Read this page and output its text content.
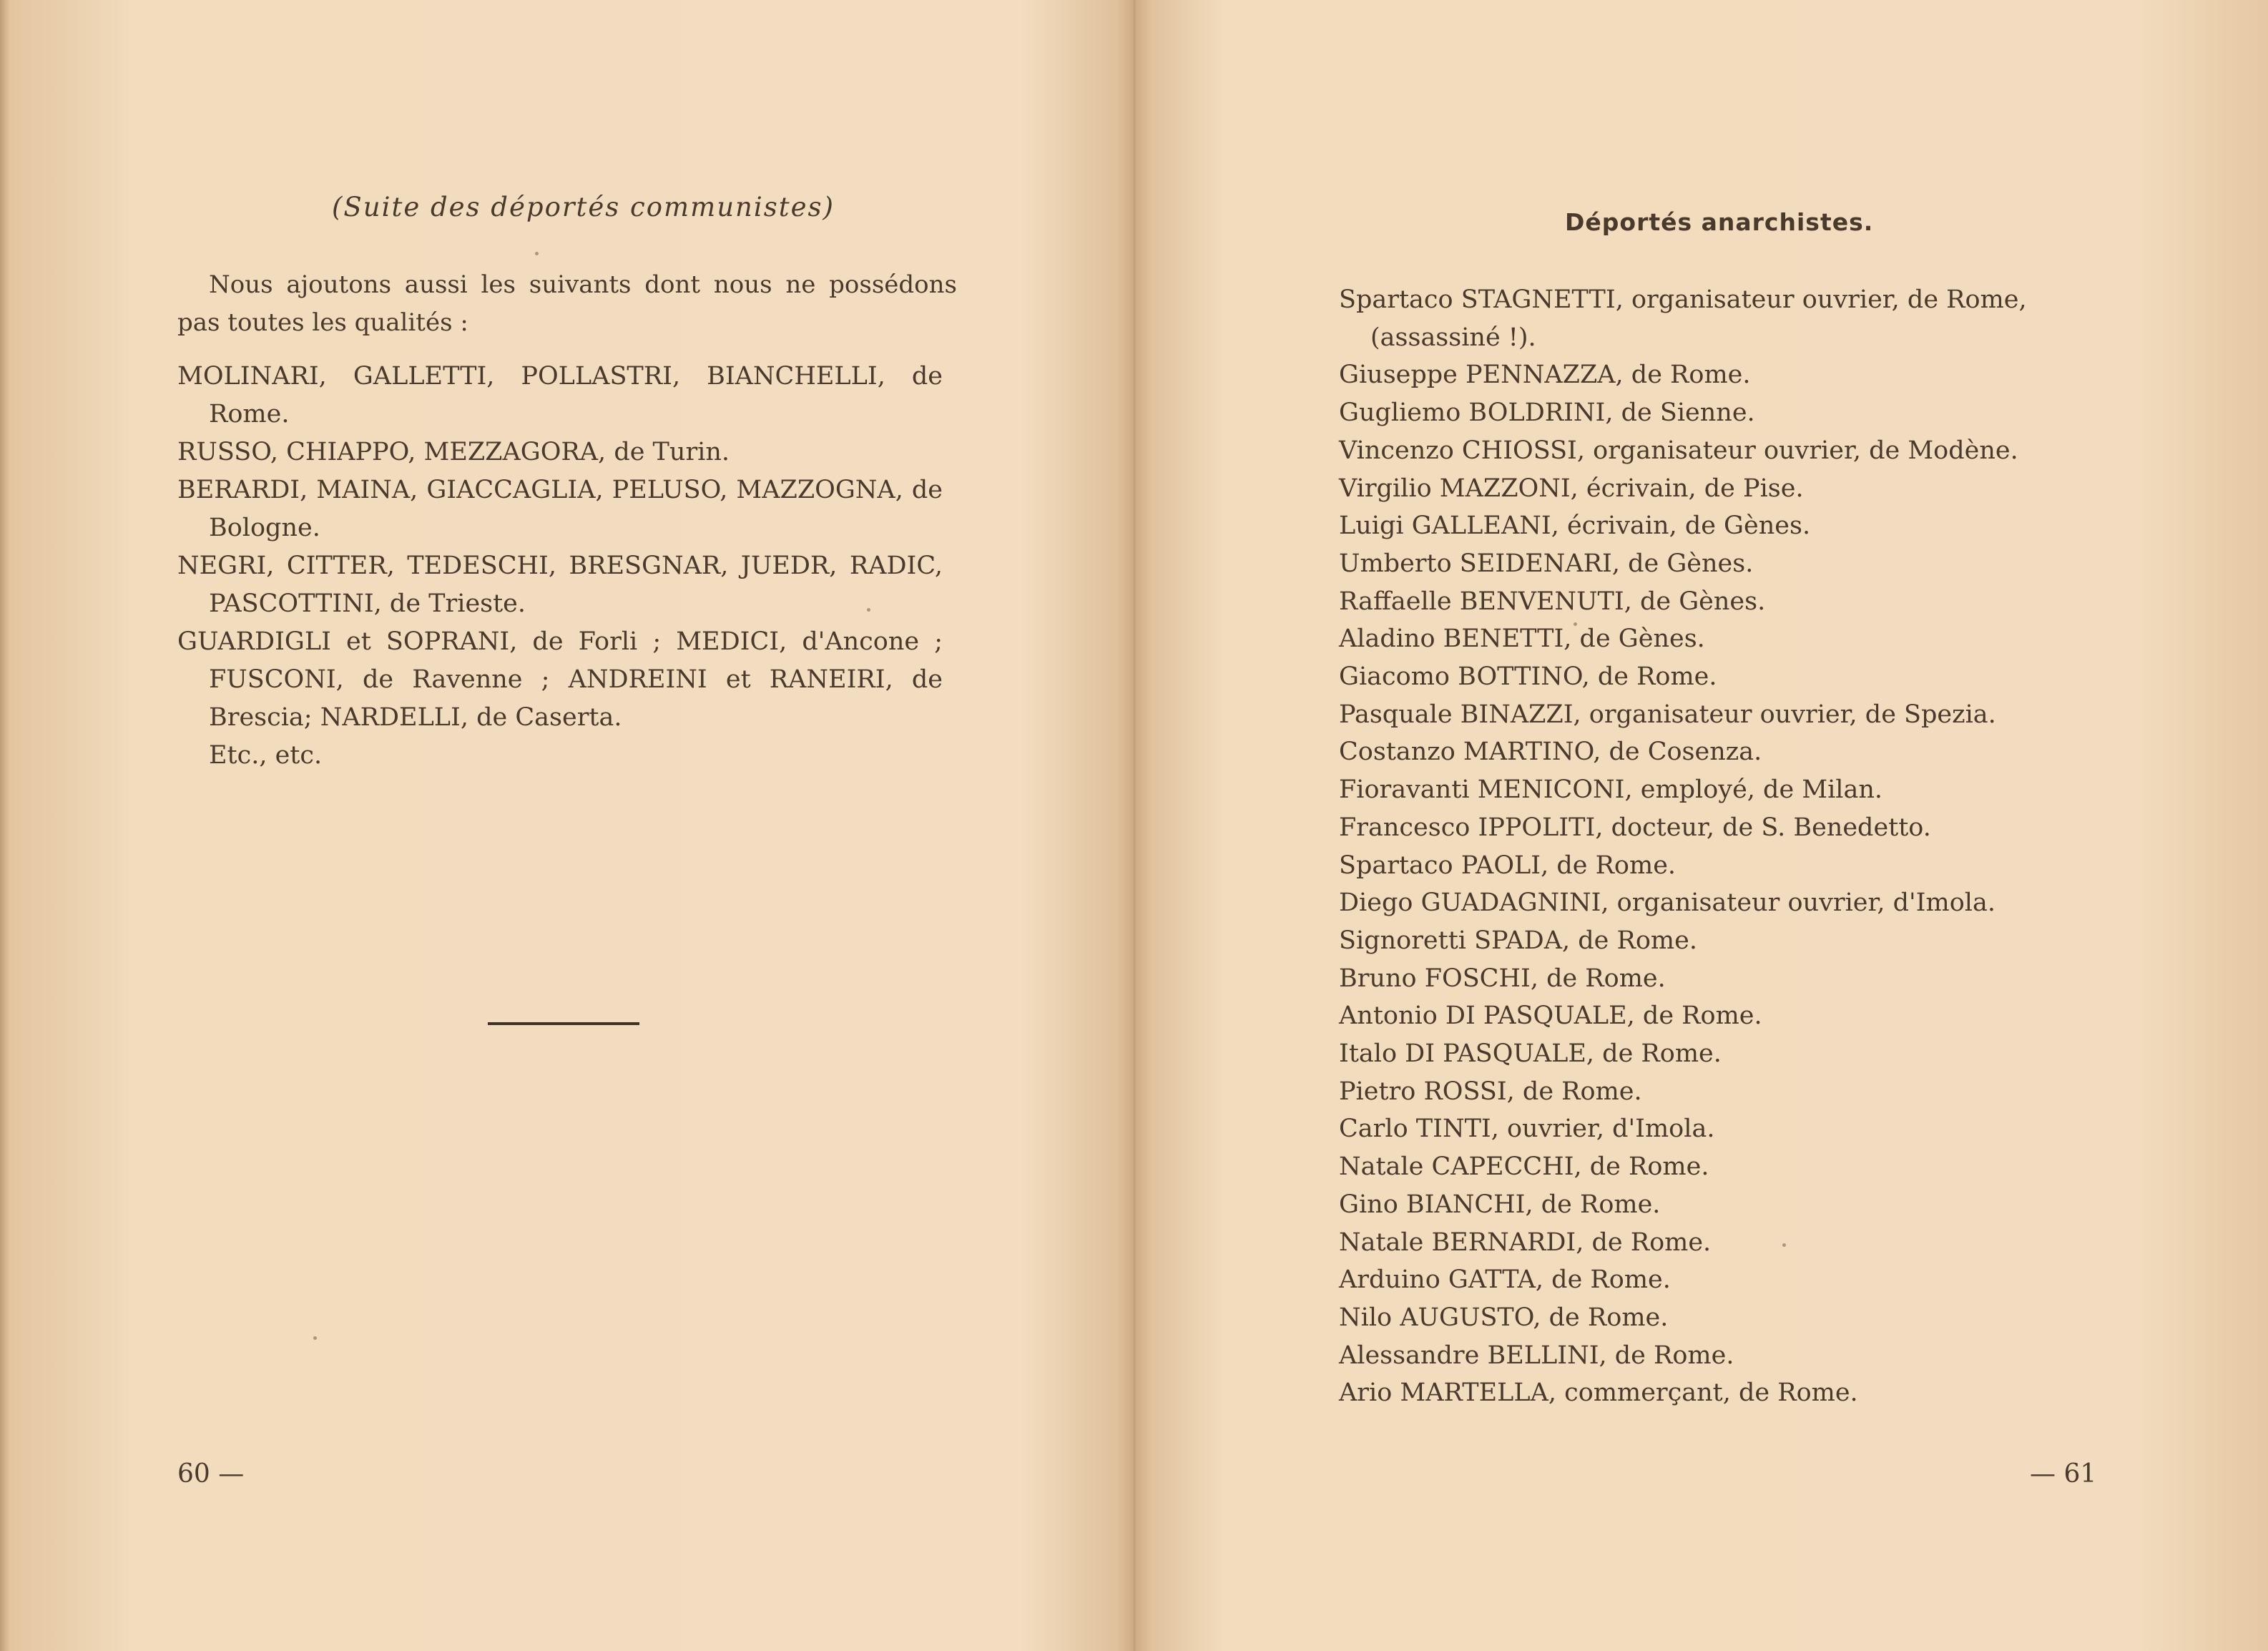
(Suite des déportés communistes)
Nous ajoutons aussi les suivants dont nous ne possédons pas toutes les qualités :

MOLINARI, GALLETTI, POLLASTRI, BIANCHELLI, de Rome.

RUSSO, CHIAPPO, MEZZAGORA, de Turin.

BERARDI, MAINA, GIACCAGLIA, PELUSO, MAZZOGNA, de Bologne.

NEGRI, CITTER, TEDESCHI, BRESGNAR, JUEDR, RADIC, PASCOTTINI, de Trieste.

GUARDIGLI et SOPRANI, de Forli ; MEDICI, d'Ancone ; FUSCONI, de Ravenne ; ANDREINI et RANEIRI, de Brescia; NARDELLI, de Caserta.

Etc., etc.

60 —	— 61
Déportés anarchistes.

Spartaco STAGNETTI, organisateur ouvrier, de Rome, (assassiné !).

Giuseppe PENNAZZA, de Rome.

Gugliemo BOLDRINI, de Sienne.

Vincenzo CHIOSSI, organisateur ouvrier, de Modène.

Virgilio MAZZONI, écrivain, de Pise.

Luigi GALLEANI, écrivain, de Gènes.

Umberto SEIDENARI, de Gènes.

Raffaelle BENVENUTI, de Gènes.

Aladino BENETTI, de Gènes.

Giacomo BOTTINO, de Rome.

Pasquale BINAZZI, organisateur ouvrier, de Spezia.

Costanzo MARTINO, de Cosenza.

Fioravanti MENICONI, employé, de Milan.

Francesco IPPOLITI, docteur, de S. Benedetto.

Spartaco PAOLI, de Rome.

Diego GUADAGNINI, organisateur ouvrier, d'Imola.

Signoretti SPADA, de Rome.

Bruno FOSCHI, de Rome.

Antonio DI PASQUALE, de Rome.

Italo DI PASQUALE, de Rome.

Pietro ROSSI, de Rome.

Carlo TINTI, ouvrier, d'Imola.

Natale CAPECCHI, de Rome.

Gino BIANCHI, de Rome.

Natale BERNARDI, de Rome.

Arduino GATTA, de Rome.

Nilo AUGUSTO, de Rome.

Alessandre BELLINI, de Rome.

Ario MARTELLA, commerçant, de Rome.
